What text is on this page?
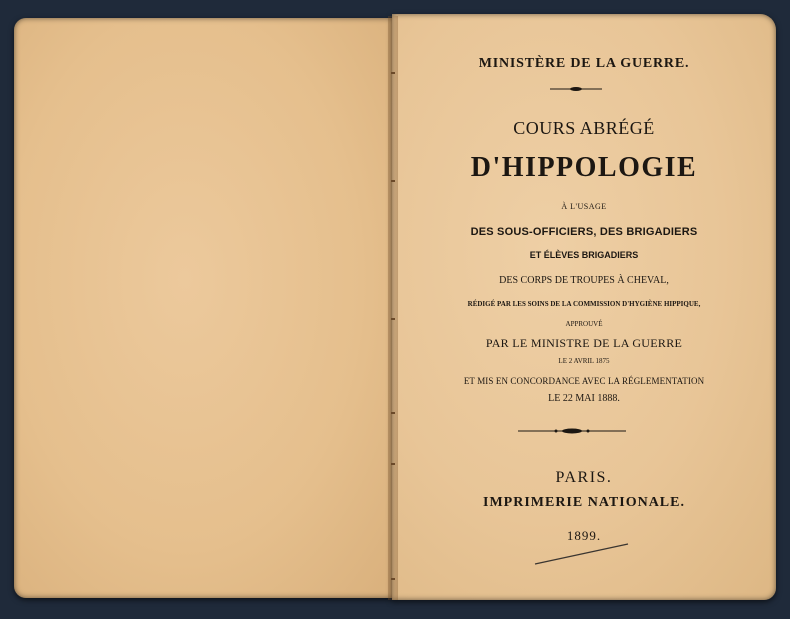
MINISTÈRE DE LA GUERRE.
COURS ABRÉGÉ
D'HIPPOLOGIE
À L'USAGE
DES SOUS-OFFICIERS, DES BRIGADIERS
ET ÉLÈVES BRIGADIERS
DES CORPS DE TROUPES À CHEVAL,
RÉDIGÉ PAR LES SOINS DE LA COMMISSION D'HYGIÈNE HIPPIQUE,
APPROUVÉ
PAR LE MINISTRE DE LA GUERRE
LE 2 AVRIL 1875
ET MIS EN CONCORDANCE AVEC LA RÉGLEMENTATION
LE 22 MAI 1888.
PARIS.
IMPRIMERIE NATIONALE.
1899.
